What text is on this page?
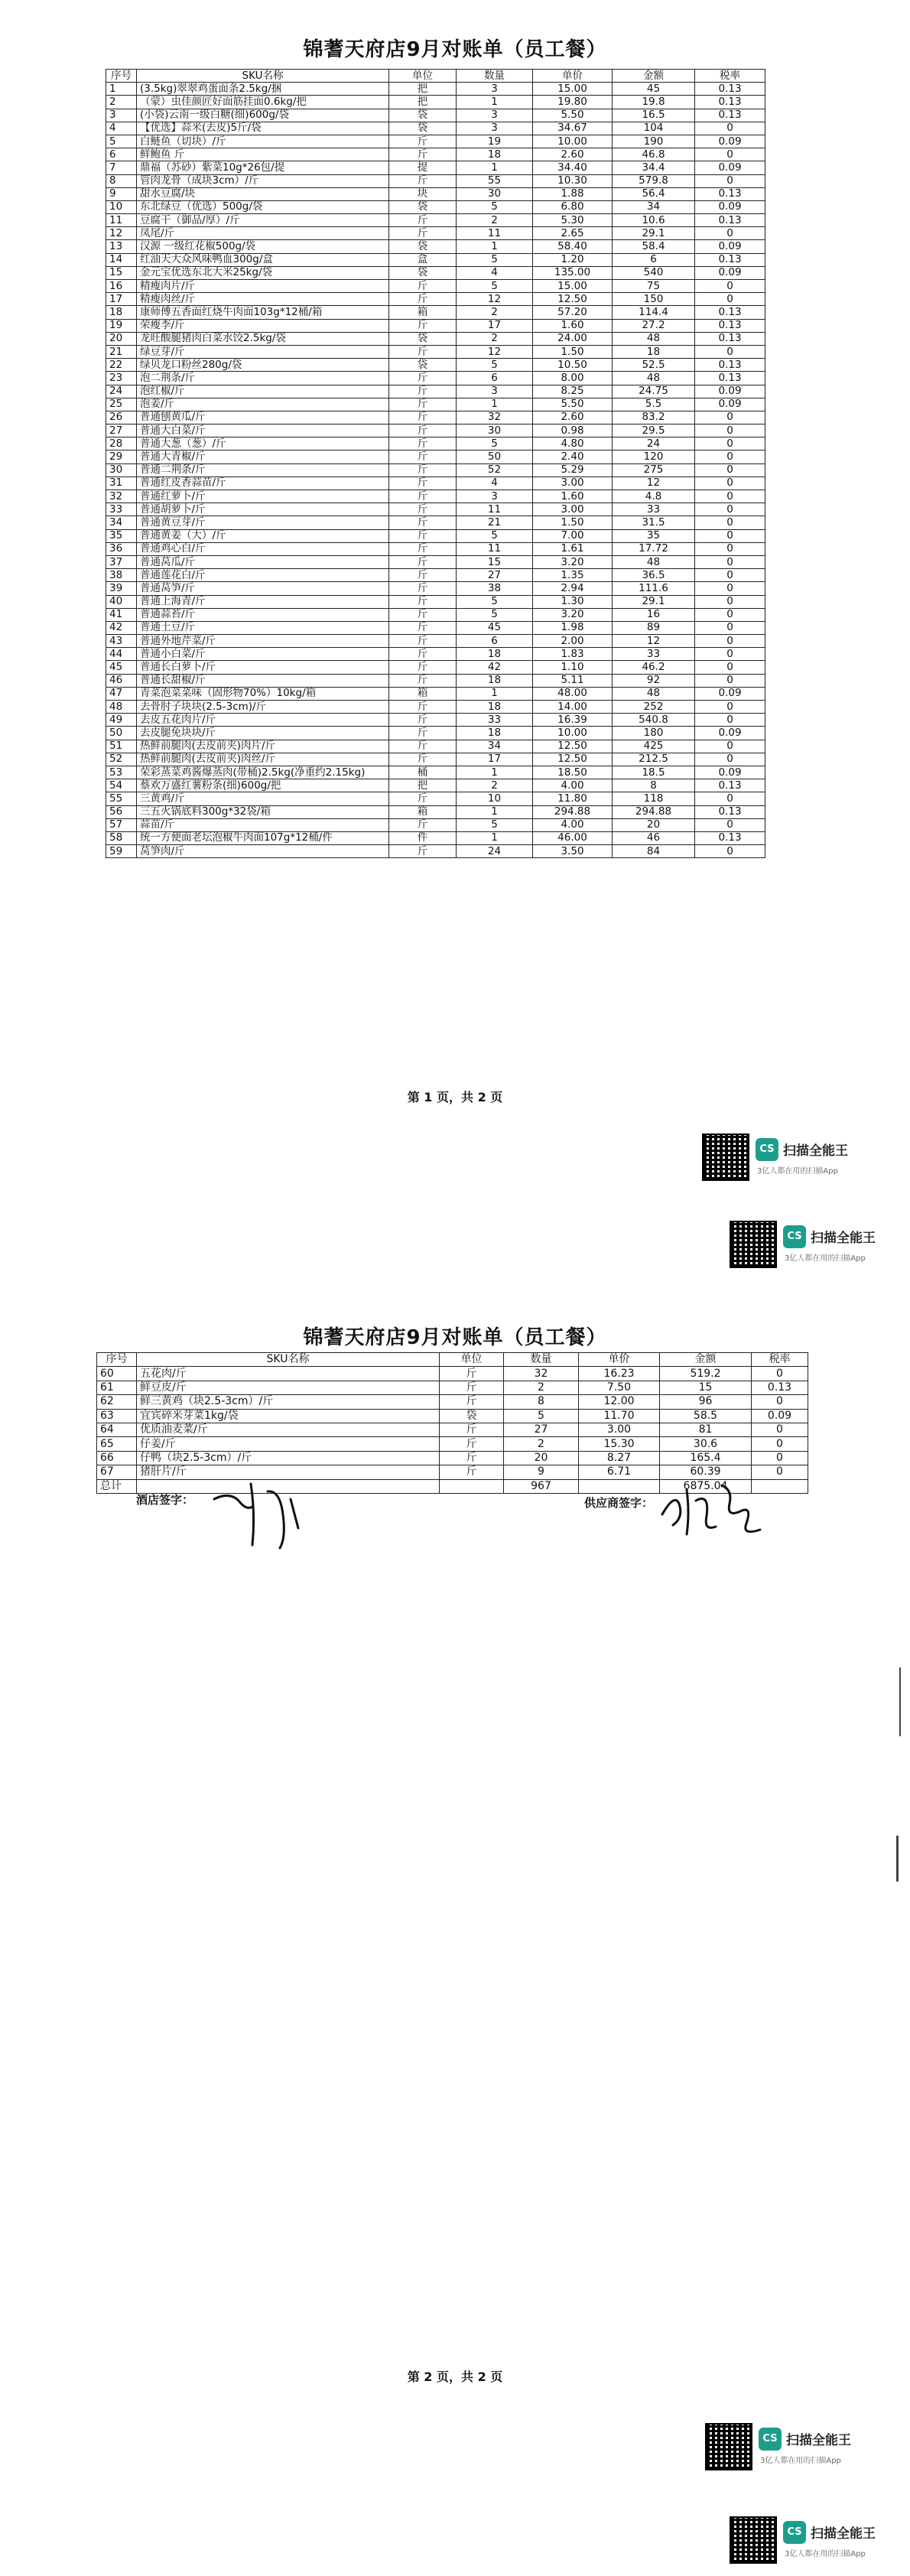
锦蓍天府店9月对账单（员工餐）
序号	SKU名称	单位	数量	单价	金额	税率
1	(3.5kg)翠翠鸡蛋面条2.5kg/捆	把	3	15.00	45	0.13
2	（蒙）虫佳颜匠好面筋挂面0.6kg/把	把	1	19.80	19.8	0.13
3	(小袋)云南一级白糖(细)600g/袋	袋	3	5.50	16.5	0.13
4	【优选】蒜米(去皮)5斤/袋	袋	3	34.67	104	0
5	白鲢鱼（切块）/斤	斤	19	10.00	190	0.09
6	鲜鲍鱼 斤	斤	18	2.60	46.8	0
7	鼎福（苏砂）紫菜10g*26包/提	提	1	34.40	34.4	0.09
8	管肉龙骨（成块3cm）/斤	斤	55	10.30	579.8	0
9	甜水豆腐/块	块	30	1.88	56.4	0.13
10	东北绿豆（优选）500g/袋	袋	5	6.80	34	0.09
11	豆腐干（御品/厚）/斤	斤	2	5.30	10.6	0.13
12	凤尾/斤	斤	11	2.65	29.1	0
13	汉源 一级红花椒500g/袋	袋	1	58.40	58.4	0.09
14	红油天大众风味鸭血300g/盒	盒	5	1.20	6	0.13
15	金元宝优选东北大米25kg/袋	袋	4	135.00	540	0.09
16	精瘦肉片/斤	斤	5	15.00	75	0
17	精瘦肉丝/斤	斤	12	12.50	150	0
18	康师傅五香面红烧牛肉面103g*12桶/箱	箱	2	57.20	114.4	0.13
19	荣瘦李/斤	斤	17	1.60	27.2	0.13
20	龙旺酸腿猪肉白菜水饺2.5kg/袋	袋	2	24.00	48	0.13
21	绿豆芽/斤	斤	12	1.50	18	0
22	绿贝龙口粉丝280g/袋	袋	5	10.50	52.5	0.13
23	泡二荆条/斤	斤	6	8.00	48	0.13
24	泡红椒/斤	斤	3	8.25	24.75	0.09
25	泡姜/斤	斤	1	5.50	5.5	0.09
26	普通刨黄瓜/斤	斤	32	2.60	83.2	0
27	普通大白菜/斤	斤	30	0.98	29.5	0
28	普通大葱（葱）/斤	斤	5	4.80	24	0
29	普通大青椒/斤	斤	50	2.40	120	0
30	普通二荆条/斤	斤	52	5.29	275	0
31	普通红皮香蒜苗/斤	斤	4	3.00	12	0
32	普通红萝卜/斤	斤	3	1.60	4.8	0
33	普通胡萝卜/斤	斤	11	3.00	33	0
34	普通黄豆芽/斤	斤	21	1.50	31.5	0
35	普通黄姜（大）/斤	斤	5	7.00	35	0
36	普通鸡心白/斤	斤	11	1.61	17.72	0
37	普通莴瓜/斤	斤	15	3.20	48	0
38	普通莲花白/斤	斤	27	1.35	36.5	0
39	普通莴笋/斤	斤	38	2.94	111.6	0
40	普通上海青/斤	斤	5	1.30	29.1	0
41	普通蒜苔/斤	斤	5	3.20	16	0
42	普通土豆/斤	斤	45	1.98	89	0
43	普通外地芹菜/斤	斤	6	2.00	12	0
44	普通小白菜/斤	斤	18	1.83	33	0
45	普通长白萝卜/斤	斤	42	1.10	46.2	0
46	普通长甜椒/斤	斤	18	5.11	92	0
47	青菜泡菜菜味（固形物70%）10kg/箱	箱	1	48.00	48	0.09
48	去骨肘子块块(2.5-3cm)/斤	斤	18	14.00	252	0
49	去皮五花肉片/斤	斤	33	16.39	540.8	0
50	去皮腿免块块/斤	斤	18	10.00	180	0.09
51	热鲜前腿肉(去皮前夹)肉片/斤	斤	34	12.50	425	0
52	热鲜前腿肉(去皮前夹)肉丝/斤	斤	17	12.50	212.5	0
53	荣彩蒸菜鸡酱爆蒸肉(带桶)2.5kg(净重约2.15kg)	桶	1	18.50	18.5	0.09
54	蔡欢万盛红薯粉条(细)600g/把	把	2	4.00	8	0.13
55	三黄鸡/斤	斤	10	11.80	118	0
56	三五火锅底料300g*32袋/箱	箱	1	294.88	294.88	0.13
57	蒜苗/斤	斤	5	4.00	20	0
58	统一方便面老坛泡椒牛肉面107g*12桶/件	件	1	46.00	46	0.13
59	莴笋肉/斤	斤	24	3.50	84	0
第 1 页，共 2 页
CS 扫描全能王
3亿人都在用的扫描App
CS 扫描全能王
3亿人都在用的扫描App
锦蓍天府店9月对账单（员工餐）
序号	SKU名称	单位	数量	单价	金额	税率
60	五花肉/斤	斤	32	16.23	519.2	0
61	鲜豆皮/斤	斤	2	7.50	15	0.13
62	鲜三黄鸡（块2.5-3cm）/斤	斤	8	12.00	96	0
63	宜宾碎米芽菜1kg/袋	袋	5	11.70	58.5	0.09
64	优质油麦菜/斤	斤	27	3.00	81	0
65	仔姜/斤	斤	2	15.30	30.6	0
66	仔鸭（块2.5-3cm）/斤	斤	20	8.27	165.4	0
67	猪肝片/斤	斤	9	6.71	60.39	0
总计			967		6875.04	
酒店签字：	供应商签字：
第 2 页，共 2 页
CS 扫描全能王
3亿人都在用的扫描App
CS 扫描全能王
3亿人都在用的扫描App
